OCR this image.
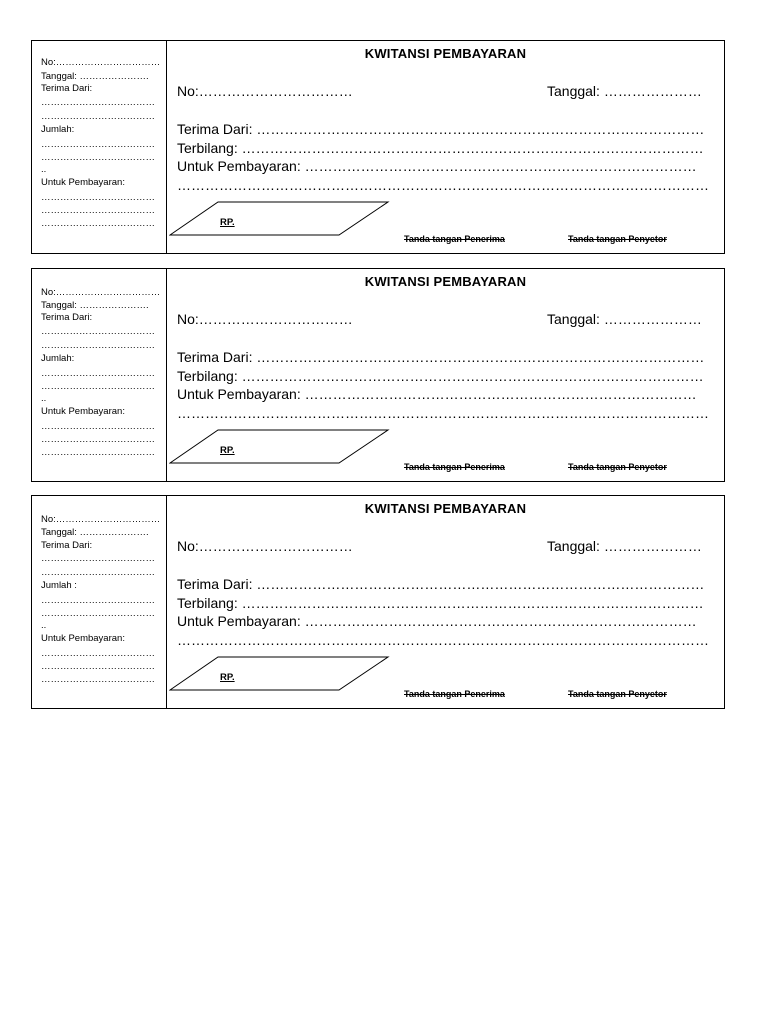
No:……………………………
Tanggal: ………………….
Terima Dari:
………………………………
………………………………
Jumlah:
………………………………
………………………………
..
Untuk Pembayaran:
………………………………
………………………………
………………………………
KWITANSI PEMBAYARAN
No:……………………………	Tanggal: …………………
Terima Dari: ……………………………………………………………………………………
Terbilang: ………………………………………………………………………………………
Untuk Pembayaran: …………………………………………………………………………
……………………………………………………………………………………………………
RP.
Tanda tangan Penerima	Tanda tangan Penyetor
No:……………………………
Tanggal: ………………….
Terima Dari:
………………………………
………………………………
Jumlah:
………………………………
………………………………
..
Untuk Pembayaran:
………………………………
………………………………
………………………………
KWITANSI PEMBAYARAN
No:……………………………	Tanggal: …………………
Terima Dari: ……………………………………………………………………………………
Terbilang: ………………………………………………………………………………………
Untuk Pembayaran: …………………………………………………………………………
……………………………………………………………………………………………………
RP.
Tanda tangan Penerima	Tanda tangan Penyetor
No:……………………………
Tanggal: ………………….
Terima Dari:
………………………………
………………………………
Jumlah :
………………………………
………………………………
..
Untuk Pembayaran:
………………………………
………………………………
………………………………
KWITANSI PEMBAYARAN
No:……………………………	Tanggal: …………………
Terima Dari: ……………………………………………………………………………………
Terbilang: ………………………………………………………………………………………
Untuk Pembayaran: …………………………………………………………………………
……………………………………………………………………………………………………
RP.
Tanda tangan Penerima	Tanda tangan Penyetor
